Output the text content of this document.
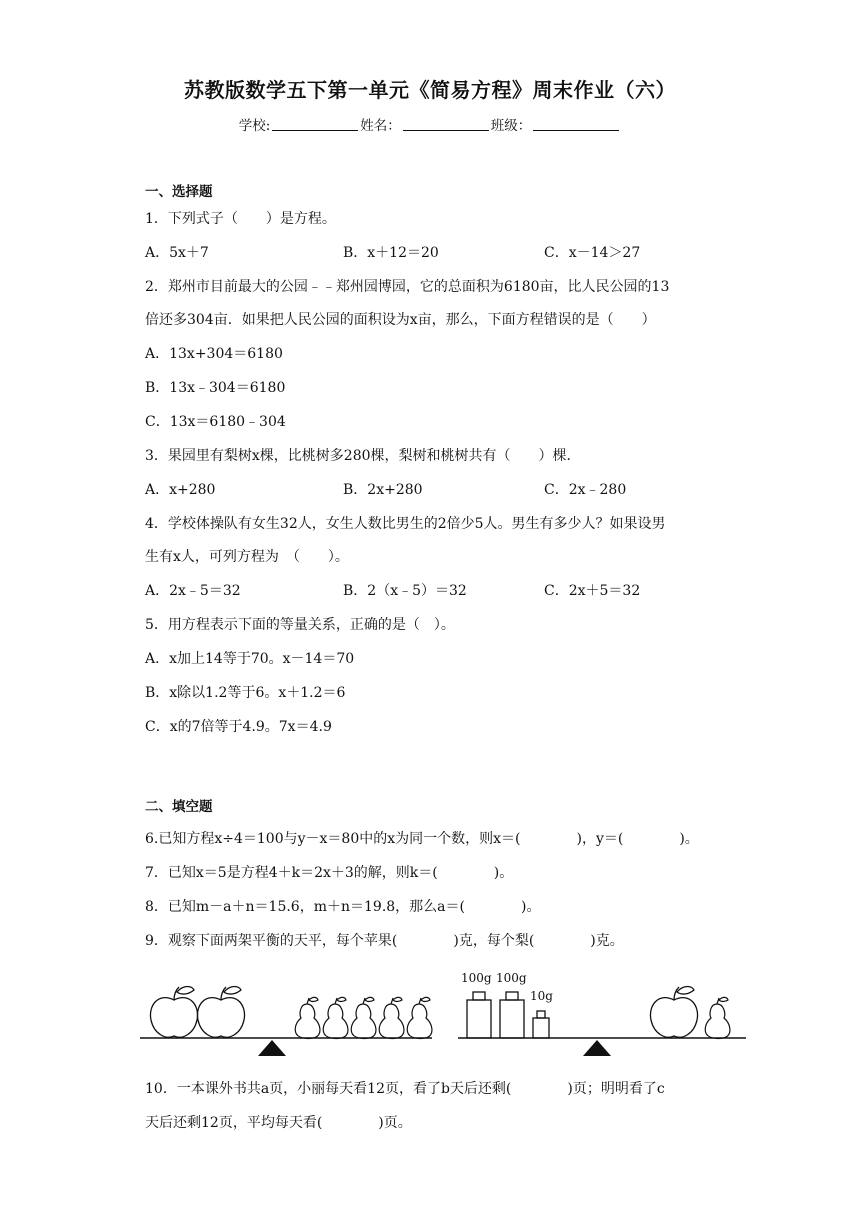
苏教版数学五下第一单元《简易方程》周末作业（六）
学校:	姓名：	班级：
一、选择题
1．下列式子（　　）是方程。
A．5x＋7	B．x＋12＝20	C．x－14＞27
2．郑州市目前最大的公园﹣﹣郑州园博园，它的总面积为6180亩，比人民公园的13
倍还多304亩．如果把人民公园的面积设为x亩，那么，下面方程错误的是（　　）
A．13x+304＝6180
B．13x﹣304＝6180
C．13x＝6180﹣304
3．果园里有梨树x棵，比桃树多280棵，梨树和桃树共有（　　）棵．
A．x+280	B．2x+280	C．2x﹣280
4．学校体操队有女生32人，女生人数比男生的2倍少5人。男生有多少人？如果设男
生有x人，可列方程为　（　　）。
A．2x﹣5＝32	B．2（x﹣5）＝32	C．2x＋5＝32
5．用方程表示下面的等量关系，正确的是（　）。
A．x加上14等于70。x－14＝70
B．x除以1.2等于6。x＋1.2＝6
C．x的7倍等于4.9。7x＝4.9
二、填空题
6.已知方程x÷4＝100与y－x＝80中的x为同一个数，则x＝(　　　　)，y＝(　　　　)。
7．已知x＝5是方程4＋k＝2x＋3的解，则k＝(　　　　)。
8．已知m－a＋n＝15.6，m＋n＝19.8，那么a＝(　　　　)。
9．观察下面两架平衡的天平，每个苹果(　　　　)克，每个梨(　　　　)克。
100g 100g
10g
10．一本课外书共a页，小丽每天看12页，看了b天后还剩(　　　　)页；明明看了c
天后还剩12页，平均每天看(　　　　)页。
